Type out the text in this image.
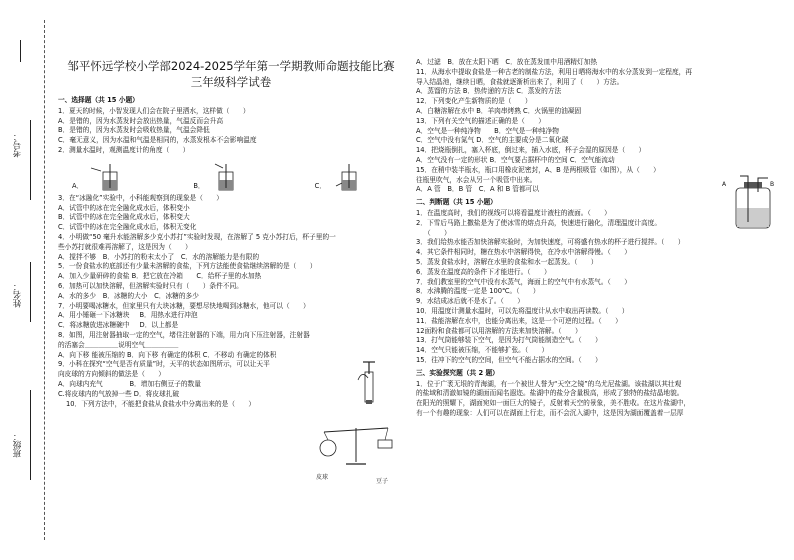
考号：
姓名：
班级：
邹平怀远学校小学部2024-2025学年第一学期教师命题技能比赛
三年级科学试卷
一、选择题（共 15 小题）
1．夏天的时候，小智发现人们会在院子里洒水，这样做（　　）
A．是错的，因为水蒸发时会放出热量，气温反而会升高
B．是错的，因为水蒸发时会吸收热量，气温会降低
C．毫无意义，因为水温和气温是相同的，水蒸发根本不会影响温度
2．测量水温时，观测温度计的角度（　　）
A．	B．	C．
3．在“冰融化”实验中，小科能观察到的现象是（　　）
A．试管中的冰在完全融化成水后，体积变小
B．试管中的冰在完全融化成水后，体积变大
C．试管中的冰在完全融化成水后，体积无变化
4．小明做“50 毫升水能溶解多少克小苏打”实验时发现，在溶解了 5 克小苏打后，杯子里的一
些小苏打就很难再溶解了，这是因为（　　）
A．搅拌不够　B．小苏打的粉末太小了　C．水的溶解能力是有限的
5．一份食盐水的底部还有少量未溶解的食盐，下列方法能使食盐继续溶解的是（　　）
A．加入少量研碎的食盐 B．把它放在冷箱　　C．给杯子里的水加热
6．加热可以加快溶解，但溶解实验时只有（　　）条件不同。
A．水的多少　B．冰糖的大小　C．冰糖的多少
7．小明要喝冰糖水，但家里只有大块冰糖，要想尽快地喝到冰糖水，他可以（　　）
A．用小锤砸一下冰糖块 B．用热水进行冲泡
C．将冰糖放进冰糖碗中 D．以上都是
8．如图，用注射器抽取一定的空气，堵住注射器的下端，用力向下压注射器，注射器
的活塞会＿＿＿＿＿说明空气＿＿＿＿＿
A．向下移 能被压缩的 B．向下移 有确定的体积 C．不移动 有确定的体积
9．小科在探究“空气是否有质量”时，天平的状态如图所示，可以让天平
向皮球的方向倾斜的做法是（　　）
A．向球内充气　　　　B．增加右侧豆子的数量
C.将皮球内的气放掉一些 D．将皮球扎破
10．下列方法中，不能把食盐从食盐水中分离出来的是（　　）
皮球
豆子
A．过滤　B．放在太阳下晒　C．放在蒸发皿中用酒精灯加热
11．从海水中提取食盐是一种古老的制盐方法，利用日晒将海水中的水分蒸发到一定程度，再
导入结晶池，继续日晒，食盐就逐渐析出来了，利用了（　　）方法。
A．蒸馏的方法 B．热传递的方法 C．蒸发的方法
12．下列变化产生新物质的是（　　）
A．白糖溶解在水中 B．羊肉串烤熟 C．火锅里的油凝固
13．下列有关空气的描述正确的是（　　）
A．空气是一种纯净物　　B．空气是一种纯净物
C．空气中没有氮气 D．空气的主要成分是二氧化碳
14．把烧瓶倒扎，塞入杯底，倒过来，插入水底，杯子会湿的原因是（　　）
A．空气没有一定的形状 B．空气要占据杯中的空间 C．空气能流动
15．在稍中装半瓶水，瓶口用橡皮泥密封，A、B 是两根吸管（如图），从（　　）
往瓶里吹气，水会从另一个吸管中出来。
A．A 管　B．B 管　C．A 和 B 管都可以
二、判断题（共 15 小题）
1．在温度高时，我们的视线可以将看温度计液柱的液面。（　　）
2．下雪后马路上撒盐是为了使冰雪的熔点升高，快速进行融化，清理温度计高度。
（　　）
3．我们给热水能否加快溶解实验时，为加快速度，可将盛有热水的杯子进行搅拌。（　　）
4．其它条件相同时，糖在热水中溶解得快，在冷水中溶解得慢。（　　）
5．蒸发食盐水时，溶解在水里的食盐和水一起蒸发。（　　）
6．蒸发在温度高的条件下才能进行。（　　）
7．我们教室里的空气中没有水蒸气，海面上的空气中有水蒸气。（　　）
8．水沸腾的温度一定是 100℃。（　　）
9．水结成冰后就不是水了。（　　）
10．用温度计测量水温时，可以先将温度计从水中取出再读数。（　　）
11．盐能溶解在水中，也能分离出来，这是一个可逆的过程。（　　）
12面粉和食盐都可以用溶解的方法来加快溶解。（　　）
13．打气筒能够装下空气，是因为打气筒能制造空气。（　　）
14．空气只能被压缩，不能够扩张。（　　）
15．往冲下的空气的空间，但空气不能占据水的空间。（　　）
三、实验探究题（共 2 题）
1．位于广袤无垠的青海湖，有一个被世人誉为“天空之镜”的乌尤尼盐湖。该盐湖以其壮观
的盐域和清澈如镜的湖面而闻名遐迩。盐湖中的盐分含量极高，形成了独特的盐结晶地貌。
在阳光的照耀下，湖面宛如一面巨大的镜子，反射着天空的景象，美不胜收。在这片盐湖中，
有一个有趣的现象：人们可以在湖面上行走，而不会沉入湖中，这是因为湖面覆盖着一层厚
A	B
